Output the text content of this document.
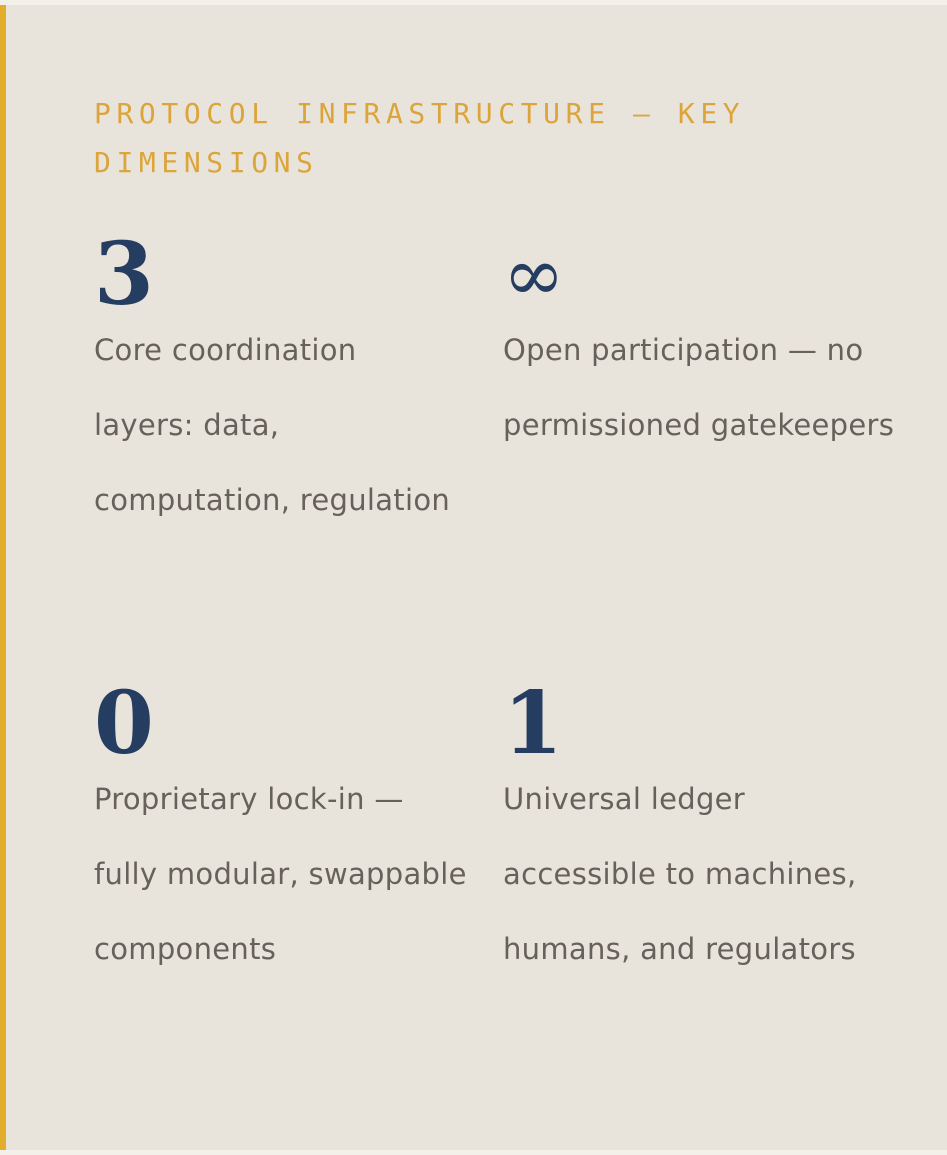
PROTOCOL INFRASTRUCTURE — KEY DIMENSIONS

3

Core coordination layers: data, computation, regulation

∞

Open participation — no permissioned gatekeepers

0

Proprietary lock-in — fully modular, swappable components

1

Universal ledger accessible to machines, humans, and regulators
